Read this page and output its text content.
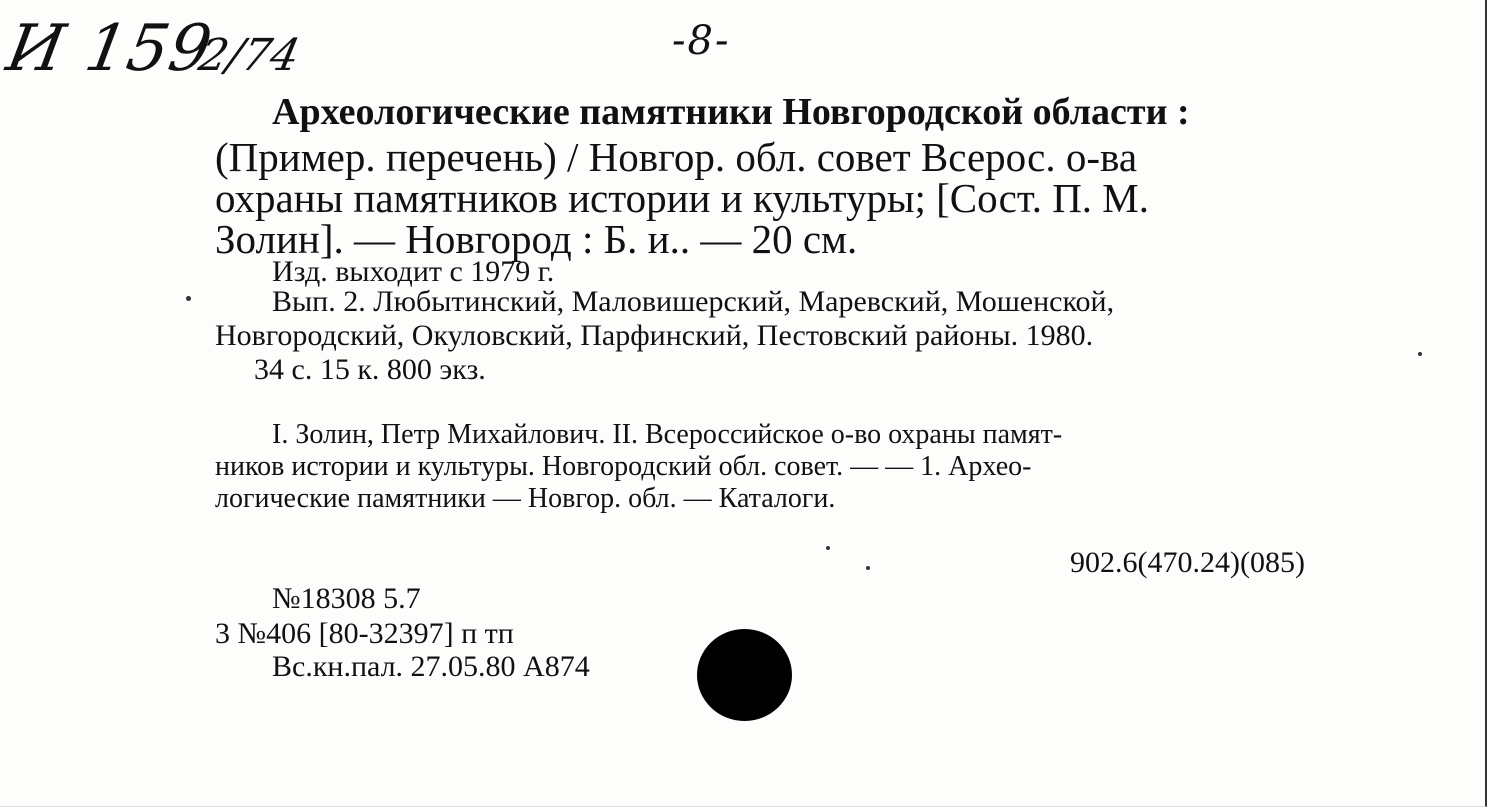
И 159
2/74	-8-
Археологические памятники Новгородской области :
(Пример. перечень) / Новгор. обл. совет Всерос. о-ва
охраны памятников истории и культуры; [Сост. П. М.
Золин]. — Новгород : Б. и.. — 20 см.
Изд. выходит с 1979 г.
Вып. 2. Любытинский, Маловишерский, Маревский, Мошенской,
Новгородский, Окуловский, Парфинский, Пестовский районы. 1980.
34 с. 15 к. 800 экз.
I. Золин, Петр Михайлович. II. Всероссийское о-во охраны памят-
ников истории и культуры. Новгородский обл. совет. — — 1. Архео-
логические памятники — Новгор. обл. — Каталоги.
902.6(470.24)(085)
№18308 5.7
3 №406 [80-32397] п тп
Вс.кн.пал. 27.05.80 А874
